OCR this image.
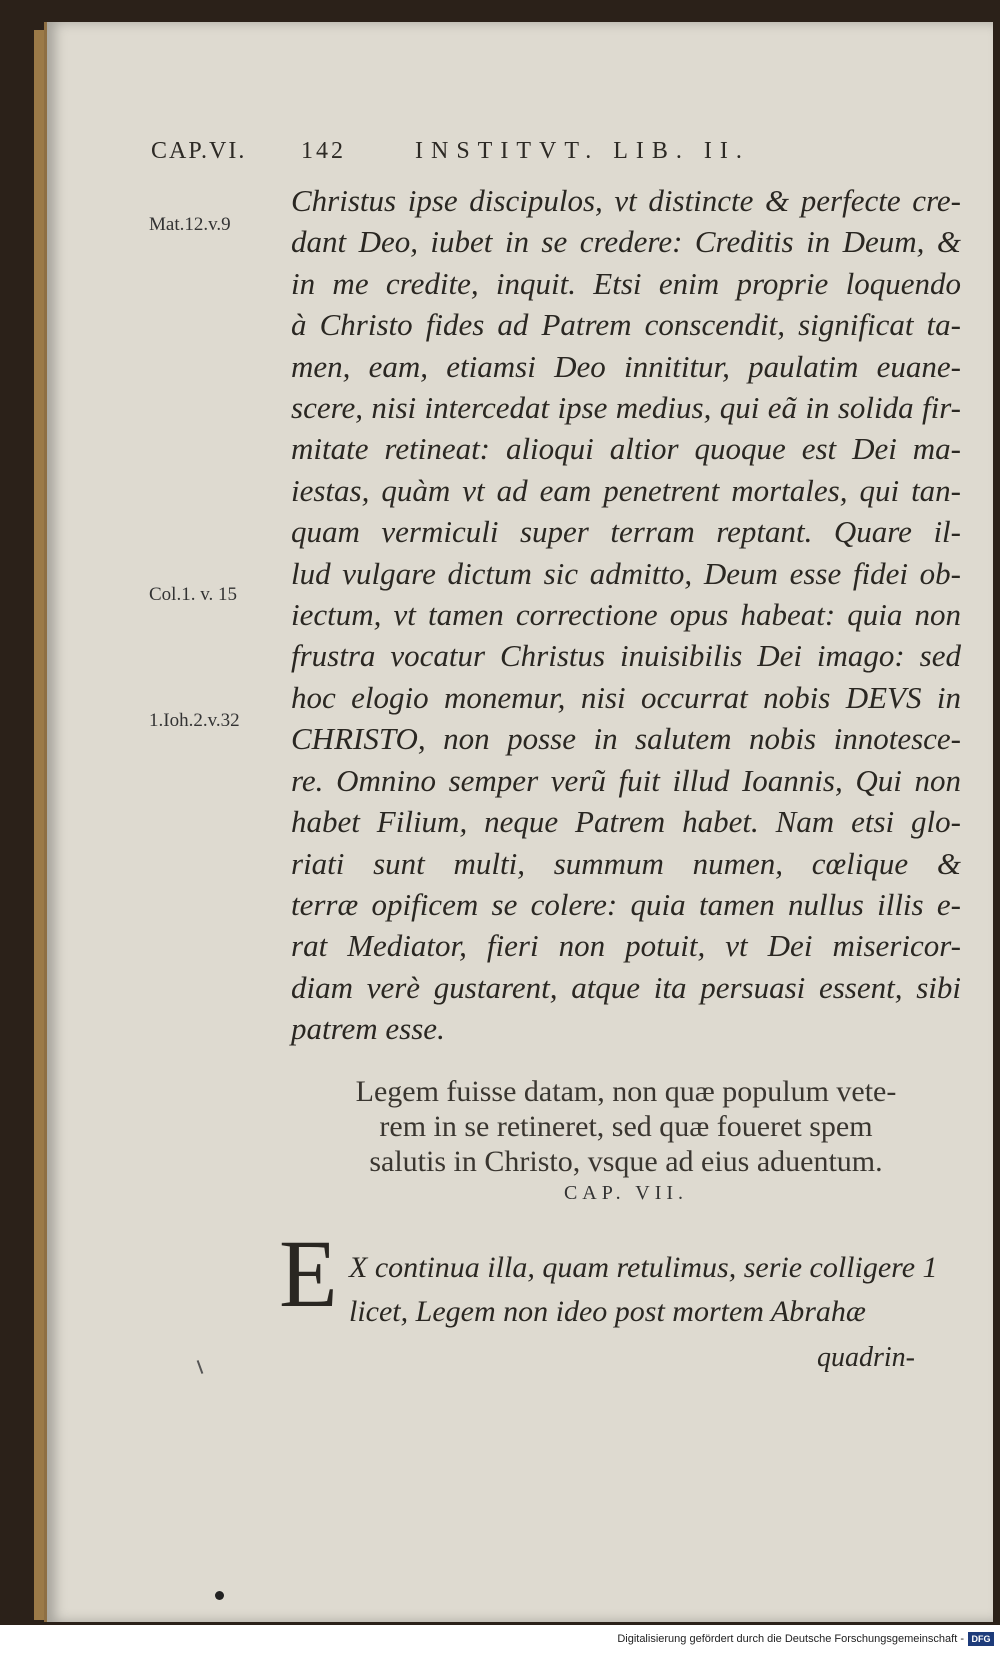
CAP.VI. 142	INSTITVT. LIB. II.
Mat.12.v.9
Col.1. v. 15
1.Ioh.2.v.32
Christus ipse discipulos, vt distincte & perfecte cre-
dant Deo, iubet in se credere: Creditis in Deum, &
in me credite, inquit. Etsi enim proprie loquendo
à Christo fides ad Patrem conscendit, significat ta-
men, eam, etiamsi Deo innititur, paulatim euane-
scere, nisi intercedat ipse medius, qui eã in solida fir-
mitate retineat: alioqui altior quoque est Dei ma-
iestas, quàm vt ad eam penetrent mortales, qui tan-
quam vermiculi super terram reptant. Quare il-
lud vulgare dictum sic admitto, Deum esse fidei ob-
iectum, vt tamen correctione opus habeat: quia non
frustra vocatur Christus inuisibilis Dei imago: sed
hoc elogio monemur, nisi occurrat nobis DEVS in
CHRISTO, non posse in salutem nobis innotesce-
re. Omnino semper verũ fuit illud Ioannis, Qui non
habet Filium, neque Patrem habet. Nam etsi glo-
riati sunt multi, summum numen, cœlique &
terræ opificem se colere: quia tamen nullus illis e-
rat Mediator, fieri non potuit, vt Dei misericor-
diam verè gustarent, atque ita persuasi essent, sibi
patrem esse.
Legem fuisse datam, non quæ populum vete-
rem in se retineret, sed quæ foueret spem
salutis in Christo, vsque ad eius aduentum.
CAP. VII.
E X continua illa, quam retulimus, serie colligere 1
licet, Legem non ideo post mortem Abrahæ
quadrin-
Digitalisierung gefördert durch die Deutsche Forschungsgemeinschaft - DFG
